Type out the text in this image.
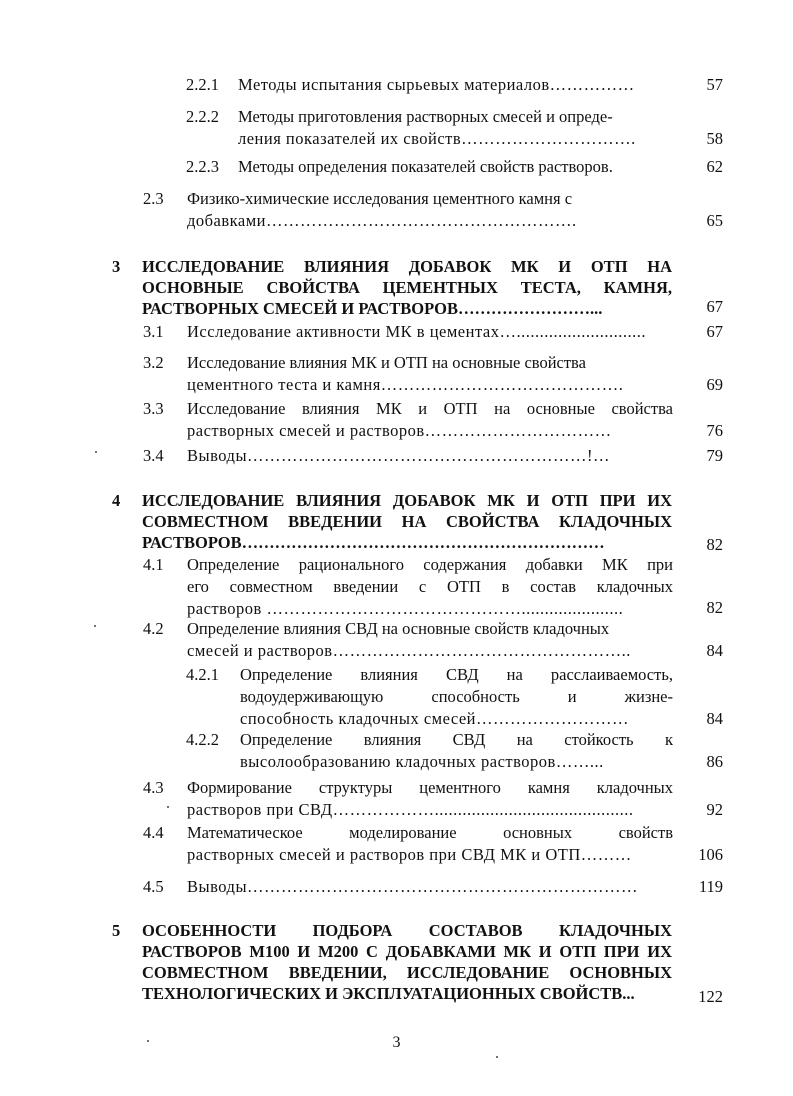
2.2.1 Методы испытания сырьевых материалов……………	57
2.2.2 Методы приготовления растворных смесей и опреде-
ления показателей их свойств………………………….	58
2.2.3 Методы определения показателей свойств растворов.	62
2.3 Физико-химические исследования цементного камня с
добавками……………………………………………….	65
3 ИССЛЕДОВАНИЕ ВЛИЯНИЯ ДОБАВОК МК И ОТП НА
ОСНОВНЫЕ СВОЙСТВА ЦЕМЕНТНЫХ ТЕСТА, КАМНЯ,
РАСТВОРНЫХ СМЕСЕЙ И РАСТВОРОВ……………………...	67
3.1 Исследование активности МК в цементах…............................	67
3.2 Исследование влияния МК и ОТП на основные свойства
цементного теста и камня…………………………………….	69
3.3 Исследование влияния МК и ОТП на основные свойства
растворных смесей и растворов……………………………	76
3.4 Выводы……………………………………………………!…	79
4 ИССЛЕДОВАНИЕ ВЛИЯНИЯ ДОБАВОК МК И ОТП ПРИ ИХ
СОВМЕСТНОМ ВВЕДЕНИИ НА СВОЙСТВА КЛАДОЧНЫХ
РАСТВОРОВ…………………………………………………………	82
4.1 Определение рационального содержания добавки МК при
его совместном введении с ОТП в состав кладочных
растворов ………………………………………......................	82
4.2 Определение влияния СВД на основные свойств кладочных
смесей и растворов……………………………………………..	84
4.2.1 Определение влияния СВД на расслаиваемость,
водоудерживающую способность и жизне-
способность кладочных смесей………………………	84
4.2.2 Определение влияния СВД на стойкость к
высолообразованию кладочных растворов……...	86
4.3 Формирование структуры цементного камня кладочных
растворов при СВД………………...........................................	92
4.4 Математическое моделирование основных свойств
растворных смесей и растворов при СВД МК и ОТП………	106
4.5 Выводы……………………………………………………………	119
5 ОСОБЕННОСТИ ПОДБОРА СОСТАВОВ КЛАДОЧНЫХ
РАСТВОРОВ М100 И М200 С ДОБАВКАМИ МК И ОТП ПРИ ИХ
СОВМЕСТНОМ ВВЕДЕНИИ, ИССЛЕДОВАНИЕ ОСНОВНЫХ
ТЕХНОЛОГИЧЕСКИХ И ЭКСПЛУАТАЦИОННЫХ СВОЙСТВ...	122
3
